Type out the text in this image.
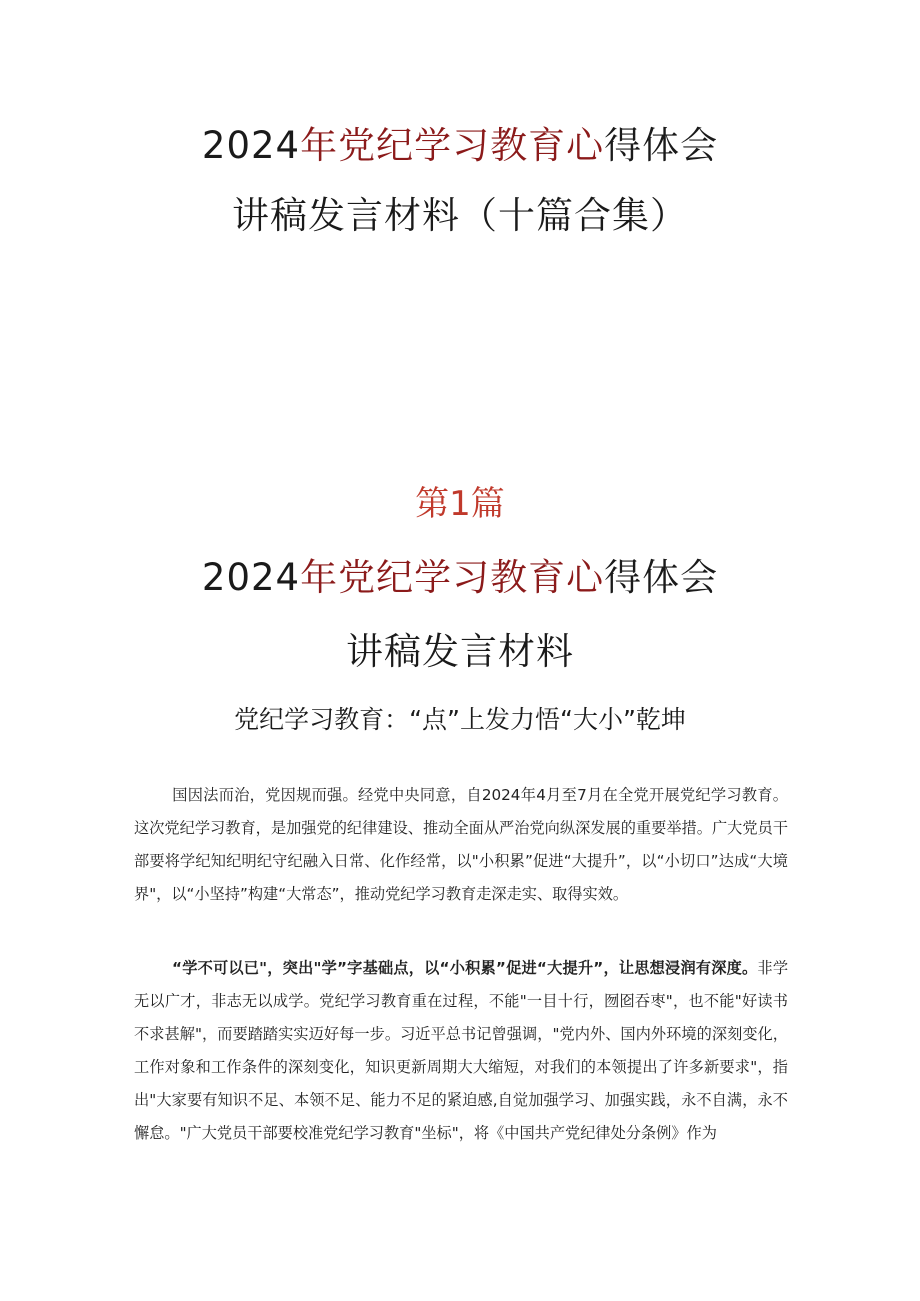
2024年党纪学习教育心得体会
讲稿发言材料（十篇合集）
第1篇
2024年党纪学习教育心得体会
讲稿发言材料
党纪学习教育：“点”上发力悟“大小”乾坤

国因法而治，党因规而强。经党中央同意，自2024年4月至7月在全党开展党纪学习教育。这次党纪学习教育，是加强党的纪律建设、推动全面从严治党向纵深发展的重要举措。广大党员干部要将学纪知纪明纪守纪融入日常、化作经常，以"小积累”促进“大提升”，以“小切口”达成“大境界"，以“小坚持”构建“大常态”，推动党纪学习教育走深走实、取得实效。

“学不可以已"，突出"学”字基础点，以“小积累”促进“大提升”，让思想浸润有深度。非学无以广才，非志无以成学。党纪学习教育重在过程，不能"一目十行，囫囵吞枣"，也不能"好读书不求甚解"，而要踏踏实实迈好每一步。习近平总书记曾强调，"党内外、国内外环境的深刻变化，工作对象和工作条件的深刻变化，知识更新周期大大缩短，对我们的本领提出了许多新要求"，指出"大家要有知识不足、本领不足、能力不足的紧迫感,自觉加强学习、加强实践，永不自满，永不懈怠。"广大党员干部要校准党纪学习教育"坐标"，将《中国共产党纪律处分条例》作为
